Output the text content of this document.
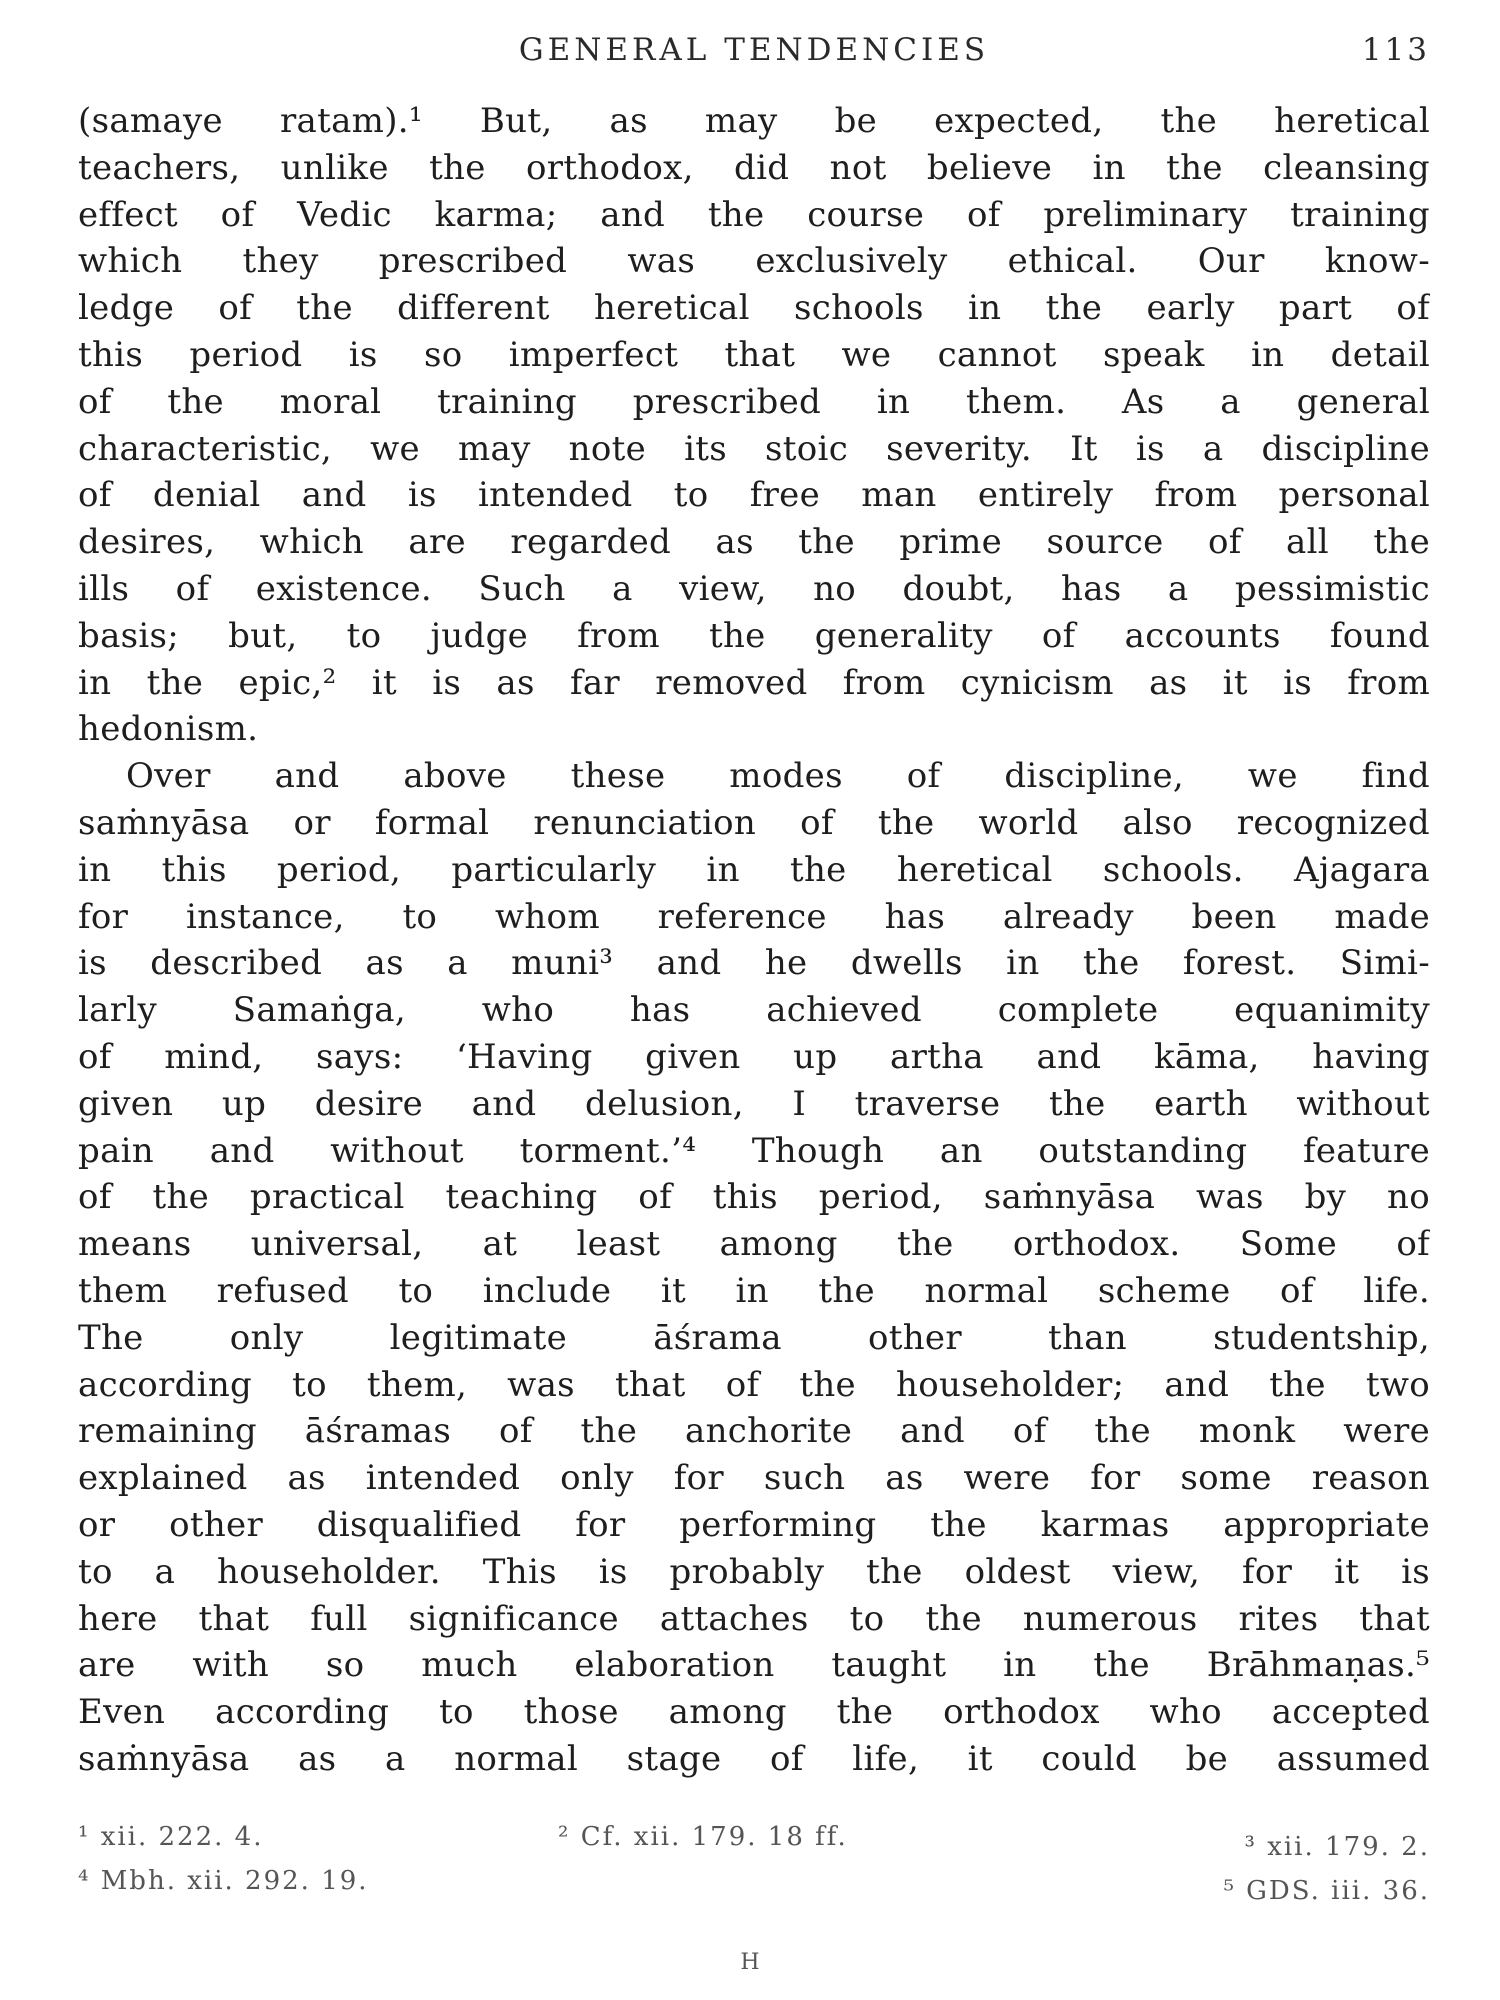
GENERAL TENDENCIES	113
(samaye ratam).¹ But, as may be expected, the heretical
teachers, unlike the orthodox, did not believe in the cleansing
effect of Vedic karma; and the course of preliminary training
which they prescribed was exclusively ethical. Our know-
ledge of the different heretical schools in the early part of
this period is so imperfect that we cannot speak in detail
of the moral training prescribed in them. As a general
characteristic, we may note its stoic severity. It is a discipline
of denial and is intended to free man entirely from personal
desires, which are regarded as the prime source of all the
ills of existence. Such a view, no doubt, has a pessimistic
basis; but, to judge from the generality of accounts found
in the epic,² it is as far removed from cynicism as it is from
hedonism.
Over and above these modes of discipline, we find
saṁnyāsa or formal renunciation of the world also recognized
in this period, particularly in the heretical schools. Ajagara
for instance, to whom reference has already been made
is described as a muni³ and he dwells in the forest. Simi-
larly Samaṅga, who has achieved complete equanimity
of mind, says: ‘Having given up artha and kāma, having
given up desire and delusion, I traverse the earth without
pain and without torment.’⁴ Though an outstanding feature
of the practical teaching of this period, saṁnyāsa was by no
means universal, at least among the orthodox. Some of
them refused to include it in the normal scheme of life.
The only legitimate āśrama other than studentship,
according to them, was that of the householder; and the two
remaining āśramas of the anchorite and of the monk were
explained as intended only for such as were for some reason
or other disqualified for performing the karmas appropriate
to a householder. This is probably the oldest view, for it is
here that full significance attaches to the numerous rites that
are with so much elaboration taught in the Brāhmaṇas.⁵
Even according to those among the orthodox who accepted
saṁnyāsa as a normal stage of life, it could be assumed
¹ xii. 222. 4.	² Cf. xii. 179. 18 ff.	³ xii. 179. 2.
⁴ Mbh. xii. 292. 19.	⁵ GDS. iii. 36.
H
